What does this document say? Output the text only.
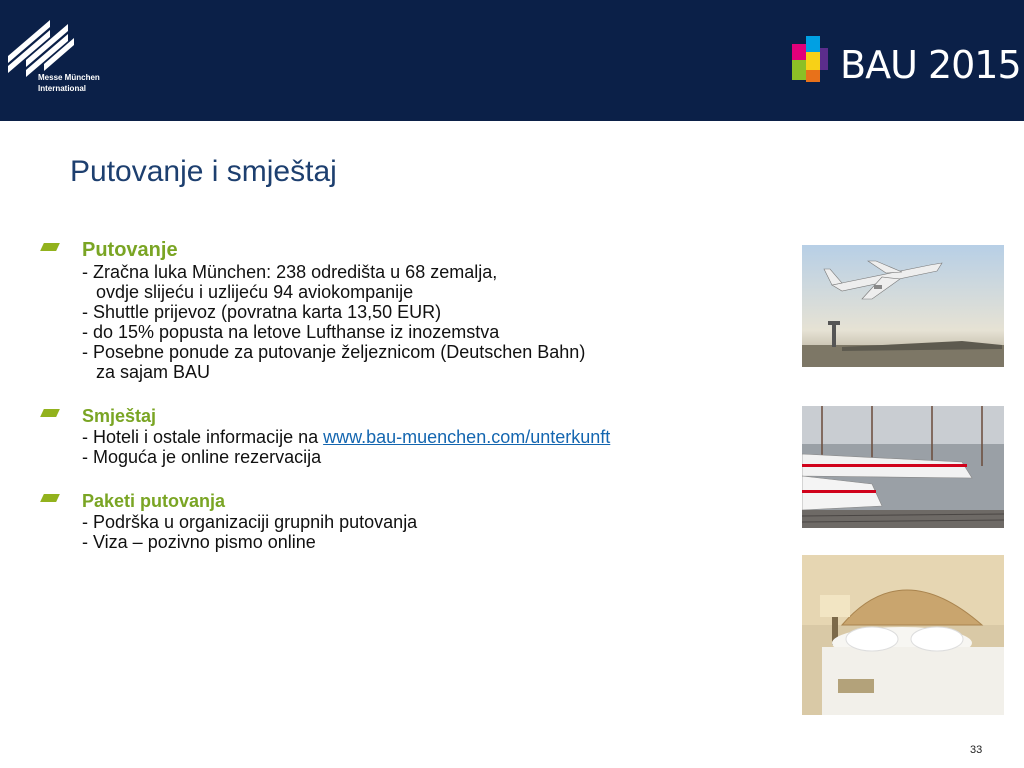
Messe München
International
BAU 2015
Putovanje i smještaj
Putovanje
- Zračna luka München: 238 odredišta u 68 zemalja,
ovdje slijeću i uzlijeću 94 aviokompanije
- Shuttle prijevoz (povratna karta 13,50 EUR)
- do 15% popusta na letove Lufthanse iz inozemstva
- Posebne ponude za putovanje željeznicom (Deutschen Bahn)
za sajam BAU
Smještaj
- Hoteli i ostale informacije na www.bau-muenchen.com/unterkunft
- Moguća je online rezervacija
Paketi putovanja
- Podrška u organizaciji grupnih putovanja
- Viza – pozivno pismo online
33
